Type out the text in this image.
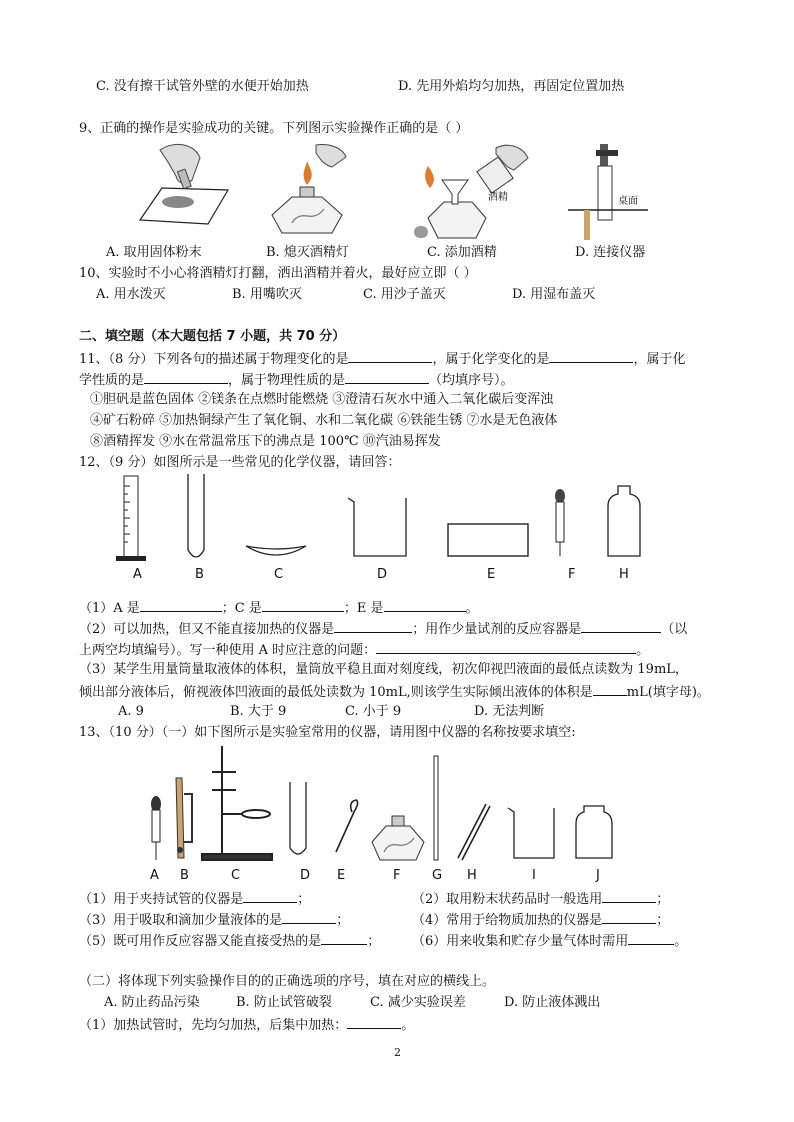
C. 没有擦干试管外壁的水便开始加热	D. 先用外焰均匀加热，再固定位置加热
9、正确的操作是实验成功的关键。下列图示实验操作正确的是（ ）
酒精	桌面
A. 取用固体粉末	B. 熄灭酒精灯	C. 添加酒精	D. 连接仪器
10、实验时不小心将酒精灯打翻，洒出酒精并着火，最好应立即（ ）
A. 用水泼灭	B. 用嘴吹灭	C. 用沙子盖灭	D. 用湿布盖灭
二、填空题（本大题包括 7 小题，共 70 分）
11、（8 分）下列各句的描述属于物理变化的是	，属于化学变化的是	，属于化
学性质的是	，属于物理性质的是	（均填序号）。
①胆矾是蓝色固体 ②镁条在点燃时能燃烧 ③澄清石灰水中通入二氧化碳后变浑浊
④矿石粉碎 ⑤加热铜绿产生了氧化铜、水和二氧化碳 ⑥铁能生锈 ⑦水是无色液体
⑧酒精挥发 ⑨水在常温常压下的沸点是 100℃ ⑩汽油易挥发
12、（9 分）如图所示是一些常见的化学仪器，请回答：
A	B	C	D	E	F	H
（1）A 是	；C 是	；E 是	。
（2）可以加热，但又不能直接加热的仪器是	；用作少量试剂的反应容器是	（以
上两空均填编号）。写一种使用 A 时应注意的问题：	。
（3）某学生用量筒量取液体的体积，量筒放平稳且面对刻度线，初次仰视凹液面的最低点读数为 19mL，
倾出部分液体后，俯视液体凹液面的最低处读数为 10mL,则该学生实际倾出液体的体积是	mL(填字母)。
A. 9	B. 大于 9	C. 小于 9	D. 无法判断
13、（10 分）（一）如下图所示是实验室常用的仪器，请用图中仪器的名称按要求填空:
A B	C	D E	F G H	I	J
（1）用于夹持试管的仪器是	；	（2）取用粉末状药品时一般选用	；
（3）用于吸取和滴加少量液体的是	；	（4）常用于给物质加热的仪器是	；
（5）既可用作反应容器又能直接受热的是	； （6）用来收集和贮存少量气体时需用	。
（二）将体现下列实验操作目的的正确选项的序号，填在对应的横线上。
A. 防止药品污染	B. 防止试管破裂	C. 减少实验误差	D. 防止液体溅出
（1）加热试管时，先均匀加热，后集中加热：	。
2
